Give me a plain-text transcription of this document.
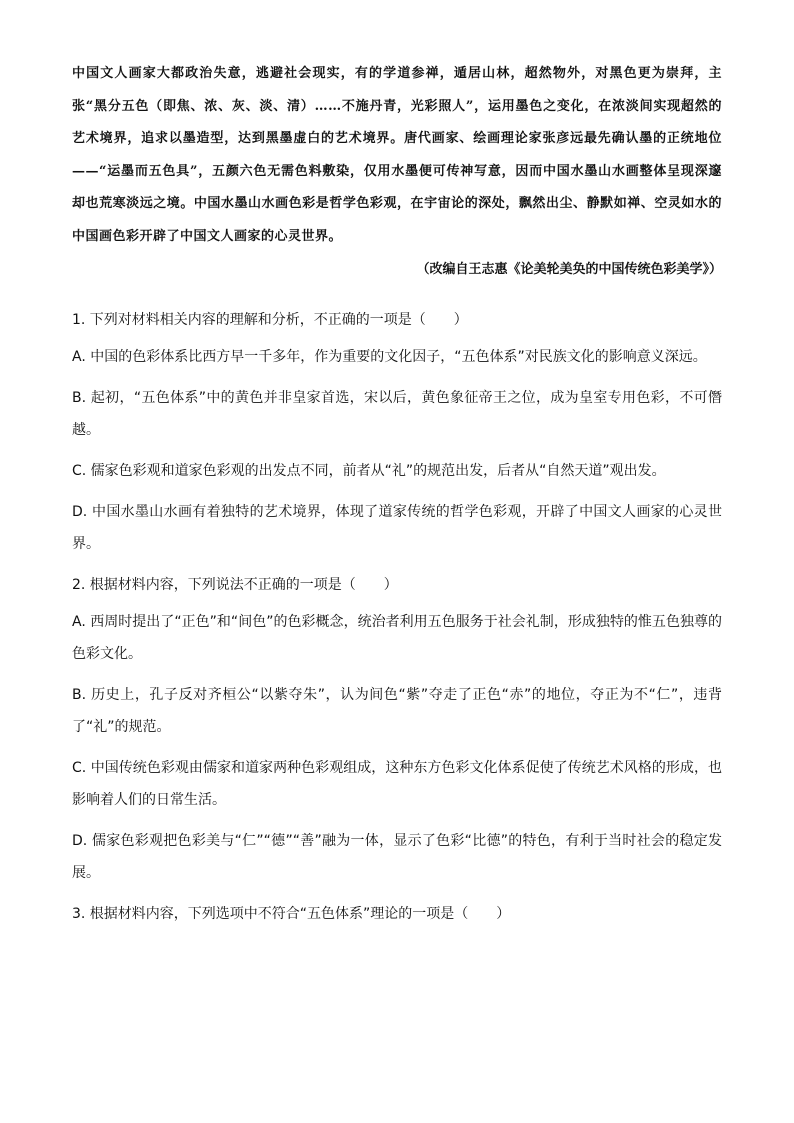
中国文人画家大都政治失意，逃避社会现实，有的学道参禅，遁居山林，超然物外，对黑色更为崇拜，主张“黑分五色（即焦、浓、灰、淡、清）……不施丹青，光彩照人”，运用墨色之变化，在浓淡间实现超然的艺术境界，追求以墨造型，达到黑墨虚白的艺术境界。唐代画家、绘画理论家张彦远最先确认墨的正统地位——“运墨而五色具”，五颜六色无需色料敷染，仅用水墨便可传神写意，因而中国水墨山水画整体呈现深邃却也荒寒淡远之境。中国水墨山水画色彩是哲学色彩观，在宇宙论的深处，飘然出尘、静默如禅、空灵如水的中国画色彩开辟了中国文人画家的心灵世界。

（改编自王志惠《论美轮美奂的中国传统色彩美学》）

1. 下列对材料相关内容的理解和分析，不正确的一项是（　　）

A. 中国的色彩体系比西方早一千多年，作为重要的文化因子，“五色体系”对民族文化的影响意义深远。

B. 起初，“五色体系”中的黄色并非皇家首选，宋以后，黄色象征帝王之位，成为皇室专用色彩，不可僭越。

C. 儒家色彩观和道家色彩观的出发点不同，前者从“礼”的规范出发，后者从“自然天道”观出发。

D. 中国水墨山水画有着独特的艺术境界，体现了道家传统的哲学色彩观，开辟了中国文人画家的心灵世界。

2. 根据材料内容，下列说法不正确的一项是（　　）

A. 西周时提出了“正色”和“间色”的色彩概念，统治者利用五色服务于社会礼制，形成独特的惟五色独尊的色彩文化。

B. 历史上，孔子反对齐桓公“以紫夺朱”，认为间色“紫”夺走了正色“赤”的地位，夺正为不“仁”，违背了“礼”的规范。

C. 中国传统色彩观由儒家和道家两种色彩观组成，这种东方色彩文化体系促使了传统艺术风格的形成，也影响着人们的日常生活。

D. 儒家色彩观把色彩美与“仁”“德”“善”融为一体，显示了色彩“比德”的特色，有利于当时社会的稳定发展。

3. 根据材料内容，下列选项中不符合“五色体系”理论的一项是（　　）
